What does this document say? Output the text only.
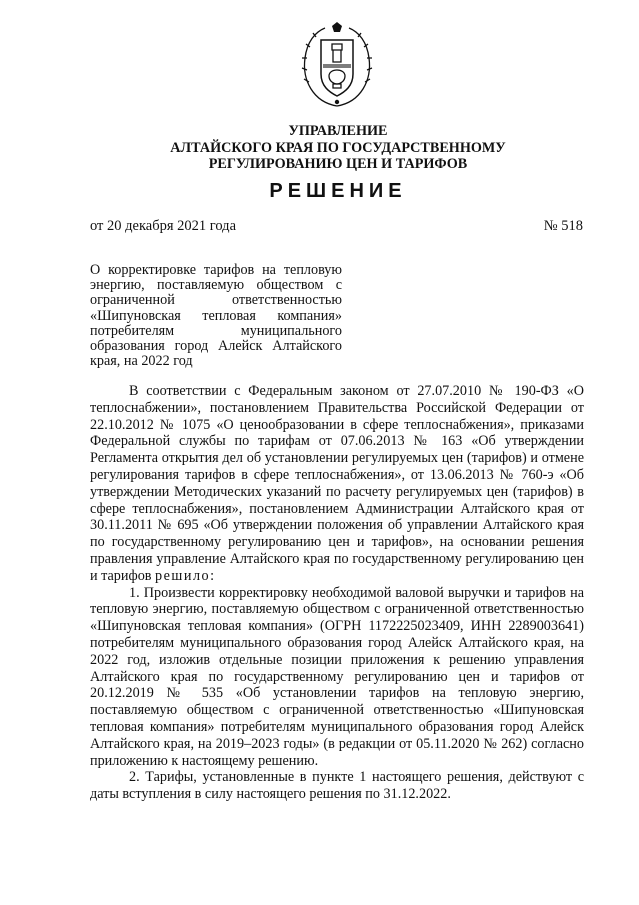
УПРАВЛЕНИЕ
АЛТАЙСКОГО КРАЯ ПО ГОСУДАРСТВЕННОМУ
РЕГУЛИРОВАНИЮ ЦЕН И ТАРИФОВ
РЕШЕНИЕ
от 20 декабря 2021 года	№ 518
О корректировке тарифов на тепловую энергию, поставляемую обществом с ограниченной ответственностью «Шипуновская тепловая компания» потребителям муниципального образования город Алейск Алтайского края, на 2022 год

В соответствии с Федеральным законом от 27.07.2010 № 190-ФЗ «О теплоснабжении», постановлением Правительства Российской Федерации от 22.10.2012 № 1075 «О ценообразовании в сфере теплоснабжения», приказами Федеральной службы по тарифам от 07.06.2013 № 163 «Об утверждении Регламента открытия дел об установлении регулируемых цен (тарифов) и отмене регулирования тарифов в сфере теплоснабжения», от 13.06.2013 № 760-э «Об утверждении Методических указаний по расчету регулируемых цен (тарифов) в сфере теплоснабжения», постановлением Администрации Алтайского края от 30.11.2011 № 695 «Об утверждении положения об управлении Алтайского края по государственному регулированию цен и тарифов», на основании решения правления управление Алтайского края по государственному регулированию цен и тарифов решило:

1. Произвести корректировку необходимой валовой выручки и тарифов на тепловую энергию, поставляемую обществом с ограниченной ответственностью «Шипуновская тепловая компания» (ОГРН 1172225023409, ИНН 2289003641) потребителям муниципального образования город Алейск Алтайского края, на 2022 год, изложив отдельные позиции приложения к решению управления Алтайского края по государственному регулированию цен и тарифов от 20.12.2019 № 535 «Об установлении тарифов на тепловую энергию, поставляемую обществом с ограниченной ответственностью «Шипуновская тепловая компания» потребителям муниципального образования город Алейск Алтайского края, на 2019–2023 годы» (в редакции от 05.11.2020 № 262) согласно приложению к настоящему решению.

2. Тарифы, установленные в пункте 1 настоящего решения, действуют с даты вступления в силу настоящего решения по 31.12.2022.
